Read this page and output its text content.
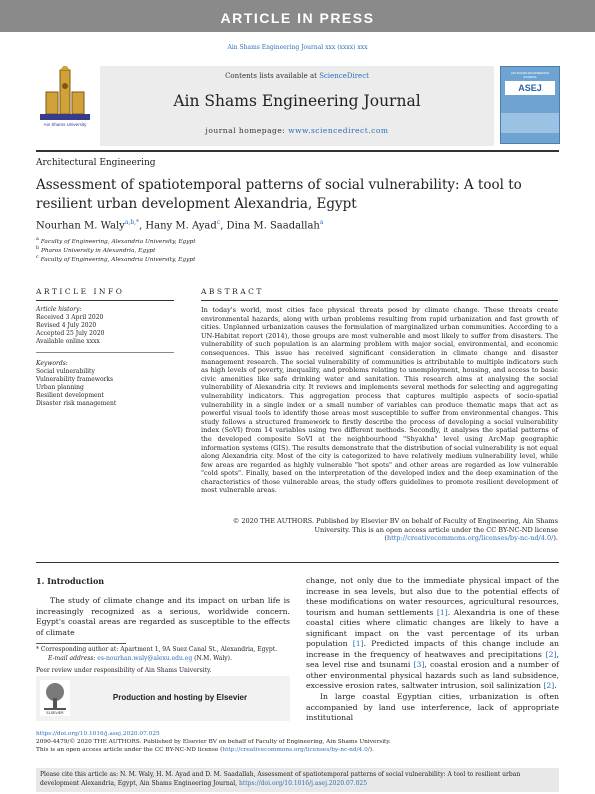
ARTICLE IN PRESS
Ain Shams Engineering Journal xxx (xxxx) xxx
Ain Shams University
Contents lists available at ScienceDirect
Ain Shams Engineering Journal
journal homepage: www.sciencedirect.com
AIN SHAMS ENGINEERING JOURNAL
ASEJ
Architectural Engineering
Assessment of spatiotemporal patterns of social vulnerability: A tool to resilient urban development Alexandria, Egypt
Nourhan M. Waly$^{a,b,*}$, Hany M. Ayad$^c$, Dina M. Saadallah$^a$
$^a$ Faculty of Engineering, Alexandria University, Egypt
$^b$ Pharos University in Alexandria, Egypt
$^c$ Faculty of Engineering, Alexandria University, Egypt
ARTICLE INFO	ABSTRACT
Article history:
Received 3 April 2020
Revised 4 July 2020
Accepted 25 July 2020
Available online xxxx
Keywords:
Social vulnerability
Vulnerability frameworks
Urban planning
Resilient development
Disaster risk management
In today's world, most cities face physical threats posed by climate change. These threats create environmental hazards, along with urban problems resulting from rapid urbanization and fast growth of cities. Unplanned urbanization causes the formulation of marginalized urban communities. According to a UN-Habitat report (2014), those groups are most vulnerable and most likely to suffer from disasters. The vulnerability of such population is an alarming problem with major social, environmental, and economic consequences. This issue has received significant consideration in climate change and disaster management research. The social vulnerability of communities is attributable to multiple indicators such as high levels of poverty, inequality, and problems relating to unemployment, housing, and access to basic civic amenities like safe drinking water and sanitation. This research aims at analysing the social vulnerability of Alexandria city. It reviews and implements several methods for selecting and aggregating vulnerability indicators. This aggregation process that captures multiple aspects of socio-spatial vulnerability in a single index or a small number of variables can produce thematic maps that act as powerful visual tools to identify those areas most susceptible to suffer from environmental changes. This study follows a structured framework to firstly describe the process of developing a social vulnerability index (SoVI) from 14 variables using two different methods. Secondly, it analyses the spatial patterns of the developed composite SoVI at the neighbourhood "Shyakha" level using ArcMap geographic information systems (GIS). The results demonstrate that the distribution of social vulnerability is not equal along Alexandria city. Most of the city is categorized to have relatively medium vulnerability level, while few areas are regarded as highly vulnerable "hot spots" and other areas are regarded as low vulnerable "cold spots". Finally, based on the interpretation of the developed index and the deep examination of the characteristics of those vulnerable areas, the study offers guidelines to promote resilient development of most vulnerable areas.
© 2020 THE AUTHORS. Published by Elsevier BV on behalf of Faculty of Engineering, Ain Shams University. This is an open access article under the CC BY-NC-ND license (http://creativecommons.org/licenses/by-nc-nd/4.0/).
1. Introduction

The study of climate change and its impact on urban life is increasingly recognized as a serious, worldwide concern. Egypt's coastal areas are regarded as susceptible to the effects of climate

change, not only due to the immediate physical impact of the increase in sea levels, but also due to the potential effects of these modifications on water resources, agricultural resources, tourism and human settlements [1]. Alexandria is one of these coastal cities where climatic changes are likely to have a significant impact on the vast percentage of its urban population [1]. Predicted impacts of this change include an increase in the frequency of heatwaves and precipitations [2], sea level rise and tsunami [3], coastal erosion and a number of other environmental physical hazards such as land subsidence, excessive erosion rates, saltwater intrusion, soil salinization [2].

In large coastal Egyptian cities, urbanization is often accompanied by land use interference, lack of appropriate institutional

* Corresponding author at: Apartment 1, 9A Suez Canal St., Alexandria, Egypt.
E-mail address: es-nourhan.waly@alexu.edu.eg (N.M. Waly).
Peer review under responsibility of Ain Shams University.
ELSEVIER
Production and hosting by Elsevier
https://doi.org/10.1016/j.asej.2020.07.025
2090-4479/© 2020 THE AUTHORS. Published by Elsevier BV on behalf of Faculty of Engineering, Ain Shams University.
This is an open access article under the CC BY-NC-ND license (http://creativecommons.org/licenses/by-nc-nd/4.0/).
Please cite this article as: N. M. Waly, H. M. Ayad and D. M. Saadallah, Assessment of spatiotemporal patterns of social vulnerability: A tool to resilient urban development Alexandria, Egypt, Ain Shams Engineering Journal, https://doi.org/10.1016/j.asej.2020.07.025
